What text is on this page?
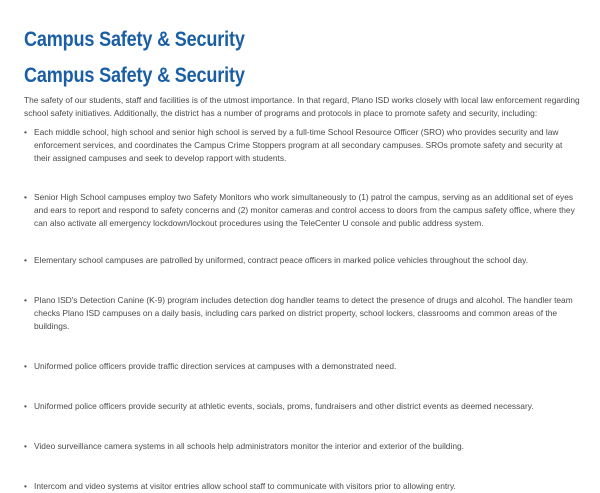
Campus Safety & Security
Campus Safety & Security

The safety of our students, staff and facilities is of the utmost importance. In that regard, Plano ISD works closely with local law enforcement regarding school safety initiatives. Additionally, the district has a number of programs and protocols in place to promote safety and security, including:

• Each middle school, high school and senior high school is served by a full-time School Resource Officer (SRO) who provides security and law enforcement services, and coordinates the Campus Crime Stoppers program at all secondary campuses. SROs promote safety and security at their assigned campuses and seek to develop rapport with students.
• Senior High School campuses employ two Safety Monitors who work simultaneously to (1) patrol the campus, serving as an additional set of eyes and ears to report and respond to safety concerns and (2) monitor cameras and control access to doors from the campus safety office, where they can also activate all emergency lockdown/lockout procedures using the TeleCenter U console and public address system.
• Elementary school campuses are patrolled by uniformed, contract peace officers in marked police vehicles throughout the school day.
• Plano ISD's Detection Canine (K-9) program includes detection dog handler teams to detect the presence of drugs and alcohol. The handler team checks Plano ISD campuses on a daily basis, including cars parked on district property, school lockers, classrooms and common areas of the buildings.
• Uniformed police officers provide traffic direction services at campuses with a demonstrated need.
• Uniformed police officers provide security at athletic events, socials, proms, fundraisers and other district events as deemed necessary.
• Video surveillance camera systems in all schools help administrators monitor the interior and exterior of the building.
• Intercom and video systems at visitor entries allow school staff to communicate with visitors prior to allowing entry.
